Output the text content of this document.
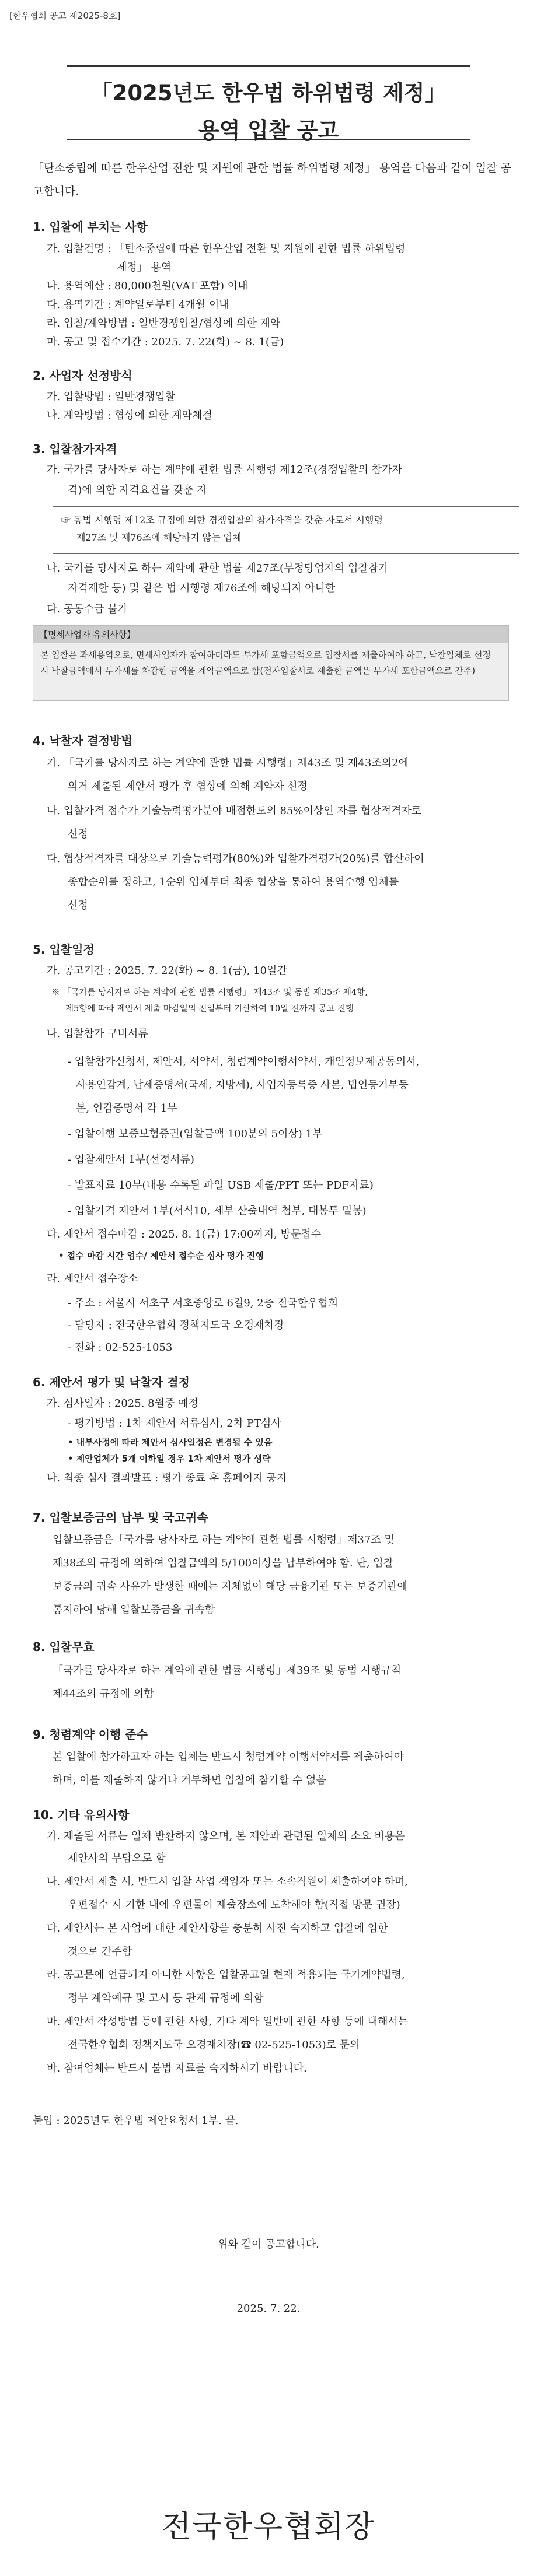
[한우협회 공고 제2025-8호]
「2025년도 한우법 하위법령 제정」
용역 입찰 공고
「탄소중립에 따른 한우산업 전환 및 지원에 관한 법률 하위법령 제정」 용역을 다음과 같이 입찰 공고합니다.
1. 입찰에 부치는 사항
가. 입찰건명 : 「탄소중립에 따른 한우산업 전환 및 지원에 관한 법률 하위법령
제정」 용역
나. 용역예산 : 80,000천원(VAT 포함) 이내
다. 용역기간 : 계약일로부터 4개월 이내
라. 입찰/계약방법 : 일반경쟁입찰/협상에 의한 계약
마. 공고 및 접수기간 : 2025. 7. 22(화) ~ 8. 1(금)
2. 사업자 선정방식
가. 입찰방법 : 일반경쟁입찰
나. 계약방법 : 협상에 의한 계약체결
3. 입찰참가자격
가. 국가를 당사자로 하는 계약에 관한 법률 시행령 제12조(경쟁입찰의 참가자
격)에 의한 자격요건을 갖춘 자
☞ 동법 시행령 제12조 규정에 의한 경쟁입찰의 참가자격을 갖춘 자로서 시행령
제27조 및 제76조에 해당하지 않는 업체
나. 국가를 당사자로 하는 계약에 관한 법률 제27조(부정당업자의 입찰참가
자격제한 등) 및 같은 법 시행령 제76조에 해당되지 아니한
다. 공동수급 불가
【면세사업자 유의사항】
본 입찰은 과세용역으로, 면세사업자가 참여하더라도 부가세 포함금액으로 입찰서를 제출하여야 하고, 낙찰업체로 선정 시 낙찰금액에서 부가세를 차감한 금액을 계약금액으로 함(전자입찰서로 제출한 금액은 부가세 포함금액으로 간주)
4. 낙찰자 결정방법
가. 「국가를 당사자로 하는 계약에 관한 법률 시행령」제43조 및 제43조의2에
의거 제출된 제안서 평가 후 협상에 의해 계약자 선정
나. 입찰가격 점수가 기술능력평가분야 배점한도의 85%이상인 자를 협상적격자로
선정
다. 협상적격자를 대상으로 기술능력평가(80%)와 입찰가격평가(20%)를 합산하여
종합순위를 정하고, 1순위 업체부터 최종 협상을 통하여 용역수행 업체를
선정
5. 입찰일정
가. 공고기간 : 2025. 7. 22(화) ~ 8. 1(금), 10일간
※ 「국가를 당사자로 하는 계약에 관한 법률 시행령」 제43조 및 동법 제35조 제4항,
제5항에 따라 제안서 제출 마감일의 전일부터 기산하여 10일 전까지 공고 진행
나. 입찰참가 구비서류
- 입찰참가신청서, 제안서, 서약서, 청렴계약이행서약서, 개인정보제공동의서,
사용인감계, 납세증명서(국세, 지방세), 사업자등록증 사본, 법인등기부등
본, 인감증명서 각 1부
- 입찰이행 보증보험증권(입찰금액 100분의 5이상) 1부
- 입찰제안서 1부(선정서류)
- 발표자료 10부(내용 수록된 파일 USB 제출/PPT 또는 PDF자료)
- 입찰가격 제안서 1부(서식10, 세부 산출내역 첨부, 대봉투 밀봉)
다. 제안서 접수마감 : 2025. 8. 1(금) 17:00까지, 방문접수
• 접수 마감 시간 엄수/ 제안서 접수순 심사 평가 진행
라. 제안서 접수장소
- 주소 : 서울시 서초구 서초중앙로 6길9, 2층 전국한우협회
- 담당자 : 전국한우협회 정책지도국 오경재차장
- 전화 : 02-525-1053
6. 제안서 평가 및 낙찰자 결정
가. 심사일자 : 2025. 8월중 예정
- 평가방법 : 1차 제안서 서류심사, 2차 PT심사
• 내부사정에 따라 제안서 심사일정은 변경될 수 있음
• 제안업체가 5개 이하일 경우 1차 제안서 평가 생략
나. 최종 심사 결과발표 : 평가 종료 후 홈페이지 공지
7. 입찰보증금의 납부 및 국고귀속
입찰보증금은「국가를 당사자로 하는 계약에 관한 법률 시행령」제37조 및
제38조의 규정에 의하여 입찰금액의 5/100이상을 납부하여야 함. 단, 입찰
보증금의 귀속 사유가 발생한 때에는 지체없이 해당 금융기관 또는 보증기관에
통지하여 당해 입찰보증금을 귀속함
8. 입찰무효
「국가를 당사자로 하는 계약에 관한 법률 시행령」제39조 및 동법 시행규칙
제44조의 규정에 의함
9. 청렴계약 이행 준수
본 입찰에 참가하고자 하는 업체는 반드시 청렴계약 이행서약서를 제출하여야
하며, 이를 제출하지 않거나 거부하면 입찰에 참가할 수 없음
10. 기타 유의사항
가. 제출된 서류는 일체 반환하지 않으며, 본 제안과 관련된 일체의 소요 비용은
제안사의 부담으로 함
나. 제안서 제출 시, 반드시 입찰 사업 책임자 또는 소속직원이 제출하여야 하며,
우편접수 시 기한 내에 우편물이 제출장소에 도착해야 함(직접 방문 권장)
다. 제안사는 본 사업에 대한 제안사항을 충분히 사전 숙지하고 입찰에 임한
것으로 간주함
라. 공고문에 언급되지 아니한 사항은 입찰공고일 현재 적용되는 국가계약법령,
정부 계약예규 및 고시 등 관계 규정에 의함
마. 제안서 작성방법 등에 관한 사항, 기타 계약 일반에 관한 사항 등에 대해서는
전국한우협회 정책지도국 오경재차장(☎ 02-525-1053)로 문의
바. 참여업체는 반드시 불법 자료를 숙지하시기 바랍니다.
붙임 : 2025년도 한우법 제안요청서 1부. 끝.
위와 같이 공고합니다.
2025. 7. 22.
전국한우협회장
